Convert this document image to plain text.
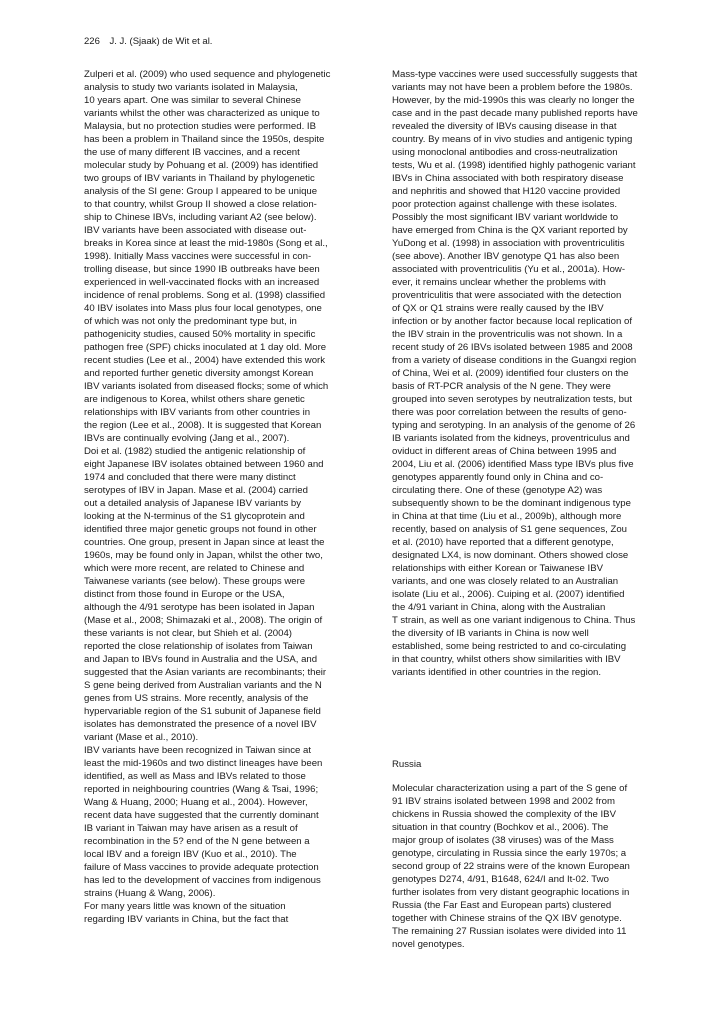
226 J. J. (Sjaak) de Wit et al.
Zulperi et al. (2009) who used sequence and phylogenetic
analysis to study two variants isolated in Malaysia,
10 years apart. One was similar to several Chinese
variants whilst the other was characterized as unique to
Malaysia, but no protection studies were performed. IB
has been a problem in Thailand since the 1950s, despite
the use of many different IB vaccines, and a recent
molecular study by Pohuang et al. (2009) has identified
two groups of IBV variants in Thailand by phylogenetic
analysis of the SI gene: Group I appeared to be unique
to that country, whilst Group II showed a close relation-
ship to Chinese IBVs, including variant A2 (see below).
IBV variants have been associated with disease out-
breaks in Korea since at least the mid-1980s (Song et al.,
1998). Initially Mass vaccines were successful in con-
trolling disease, but since 1990 IB outbreaks have been
experienced in well-vaccinated flocks with an increased
incidence of renal problems. Song et al. (1998) classified
40 IBV isolates into Mass plus four local genotypes, one
of which was not only the predominant type but, in
pathogenicity studies, caused 50% mortality in specific
pathogen free (SPF) chicks inoculated at 1 day old. More
recent studies (Lee et al., 2004) have extended this work
and reported further genetic diversity amongst Korean
IBV variants isolated from diseased flocks; some of which
are indigenous to Korea, whilst others share genetic
relationships with IBV variants from other countries in
the region (Lee et al., 2008). It is suggested that Korean
IBVs are continually evolving (Jang et al., 2007).
Doi et al. (1982) studied the antigenic relationship of
eight Japanese IBV isolates obtained between 1960 and
1974 and concluded that there were many distinct
serotypes of IBV in Japan. Mase et al. (2004) carried
out a detailed analysis of Japanese IBV variants by
looking at the N-terminus of the S1 glycoprotein and
identified three major genetic groups not found in other
countries. One group, present in Japan since at least the
1960s, may be found only in Japan, whilst the other two,
which were more recent, are related to Chinese and
Taiwanese variants (see below). These groups were
distinct from those found in Europe or the USA,
although the 4/91 serotype has been isolated in Japan
(Mase et al., 2008; Shimazaki et al., 2008). The origin of
these variants is not clear, but Shieh et al. (2004)
reported the close relationship of isolates from Taiwan
and Japan to IBVs found in Australia and the USA, and
suggested that the Asian variants are recombinants; their
S gene being derived from Australian variants and the N
genes from US strains. More recently, analysis of the
hypervariable region of the S1 subunit of Japanese field
isolates has demonstrated the presence of a novel IBV
variant (Mase et al., 2010).
IBV variants have been recognized in Taiwan since at
least the mid-1960s and two distinct lineages have been
identified, as well as Mass and IBVs related to those
reported in neighbouring countries (Wang & Tsai, 1996;
Wang & Huang, 2000; Huang et al., 2004). However,
recent data have suggested that the currently dominant
IB variant in Taiwan may have arisen as a result of
recombination in the 5? end of the N gene between a
local IBV and a foreign IBV (Kuo et al., 2010). The
failure of Mass vaccines to provide adequate protection
has led to the development of vaccines from indigenous
strains (Huang & Wang, 2006).
For many years little was known of the situation
regarding IBV variants in China, but the fact that
Mass-type vaccines were used successfully suggests that
variants may not have been a problem before the 1980s.
However, by the mid-1990s this was clearly no longer the
case and in the past decade many published reports have
revealed the diversity of IBVs causing disease in that
country. By means of in vivo studies and antigenic typing
using monoclonal antibodies and cross-neutralization
tests, Wu et al. (1998) identified highly pathogenic variant
IBVs in China associated with both respiratory disease
and nephritis and showed that H120 vaccine provided
poor protection against challenge with these isolates.
Possibly the most significant IBV variant worldwide to
have emerged from China is the QX variant reported by
YuDong et al. (1998) in association with proventriculitis
(see above). Another IBV genotype Q1 has also been
associated with proventriculitis (Yu et al., 2001a). How-
ever, it remains unclear whether the problems with
proventriculitis that were associated with the detection
of QX or Q1 strains were really caused by the IBV
infection or by another factor because local replication of
the IBV strain in the proventriculis was not shown. In a
recent study of 26 IBVs isolated between 1985 and 2008
from a variety of disease conditions in the Guangxi region
of China, Wei et al. (2009) identified four clusters on the
basis of RT-PCR analysis of the N gene. They were
grouped into seven serotypes by neutralization tests, but
there was poor correlation between the results of geno-
typing and serotyping. In an analysis of the genome of 26
IB variants isolated from the kidneys, proventriculus and
oviduct in different areas of China between 1995 and
2004, Liu et al. (2006) identified Mass type IBVs plus five
genotypes apparently found only in China and co-
circulating there. One of these (genotype A2) was
subsequently shown to be the dominant indigenous type
in China at that time (Liu et al., 2009b), although more
recently, based on analysis of S1 gene sequences, Zou
et al. (2010) have reported that a different genotype,
designated LX4, is now dominant. Others showed close
relationships with either Korean or Taiwanese IBV
variants, and one was closely related to an Australian
isolate (Liu et al., 2006). Cuiping et al. (2007) identified
the 4/91 variant in China, along with the Australian
T strain, as well as one variant indigenous to China. Thus
the diversity of IB variants in China is now well
established, some being restricted to and co-circulating
in that country, whilst others show similarities with IBV
variants identified in other countries in the region.
Russia
Molecular characterization using a part of the S gene of
91 IBV strains isolated between 1998 and 2002 from
chickens in Russia showed the complexity of the IBV
situation in that country (Bochkov et al., 2006). The
major group of isolates (38 viruses) was of the Mass
genotype, circulating in Russia since the early 1970s; a
second group of 22 strains were of the known European
genotypes D274, 4/91, B1648, 624/I and It-02. Two
further isolates from very distant geographic locations in
Russia (the Far East and European parts) clustered
together with Chinese strains of the QX IBV genotype.
The remaining 27 Russian isolates were divided into 11
novel genotypes.
